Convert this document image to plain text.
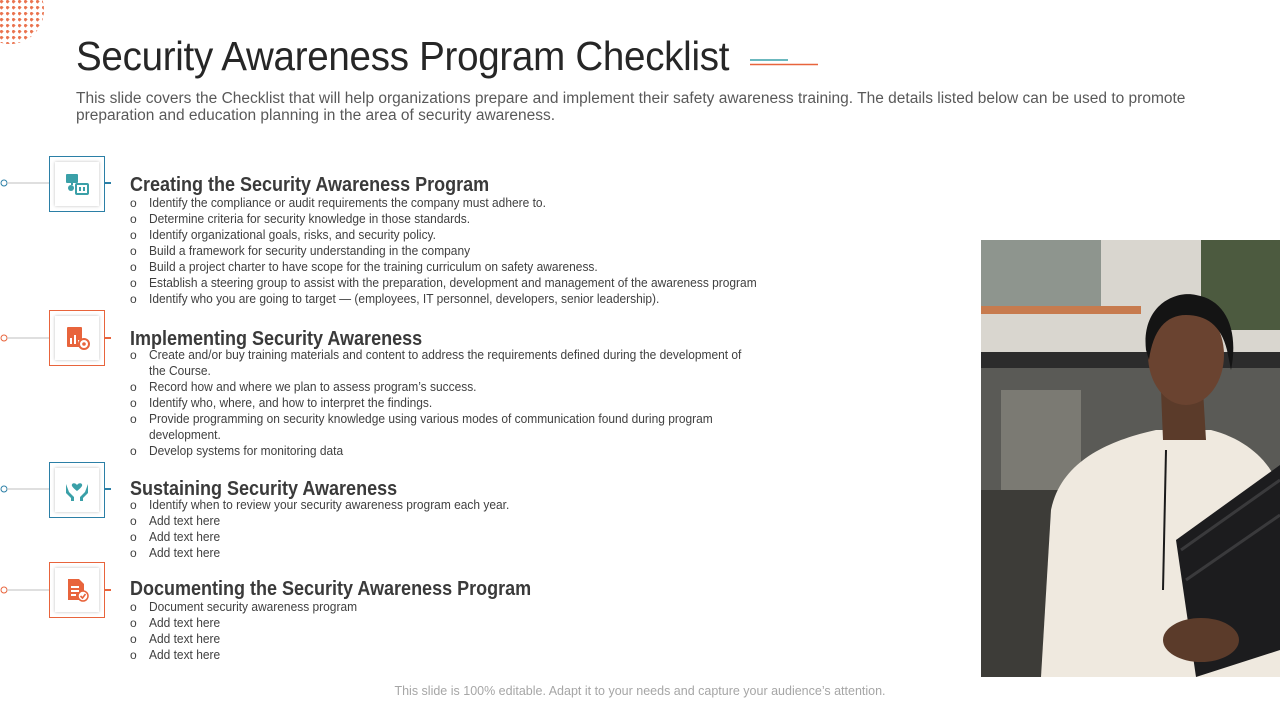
Security Awareness Program Checklist

This slide covers the Checklist that will help organizations prepare and implement their safety awareness training. The details listed below can be used to promote preparation and education planning in the area of security awareness.

Creating the Security Awareness Program
o Identify the compliance or audit requirements the company must adhere to.
o Determine criteria for security knowledge in those standards.
o Identify organizational goals, risks, and security policy.
o Build a framework for security understanding in the company
o Build a project charter to have scope for the training curriculum on safety awareness.
o Establish a steering group to assist with the preparation, development and management of the awareness program
o Identify who you are going to target — (employees, IT personnel, developers, senior leadership).
Implementing Security Awareness
o Create and/or buy training materials and content to address the requirements defined during the development of the Course.
o Record how and where we plan to assess program’s success.
o Identify who, where, and how to interpret the findings.
o Provide programming on security knowledge using various modes of communication found during program development.
o Develop systems for monitoring data
Sustaining Security Awareness
o Identify when to review your security awareness program each year.
o Add text here
o Add text here
o Add text here
Documenting the Security Awareness Program
o Document security awareness program
o Add text here
o Add text here
o Add text here
This slide is 100% editable. Adapt it to your needs and capture your audience’s attention.
